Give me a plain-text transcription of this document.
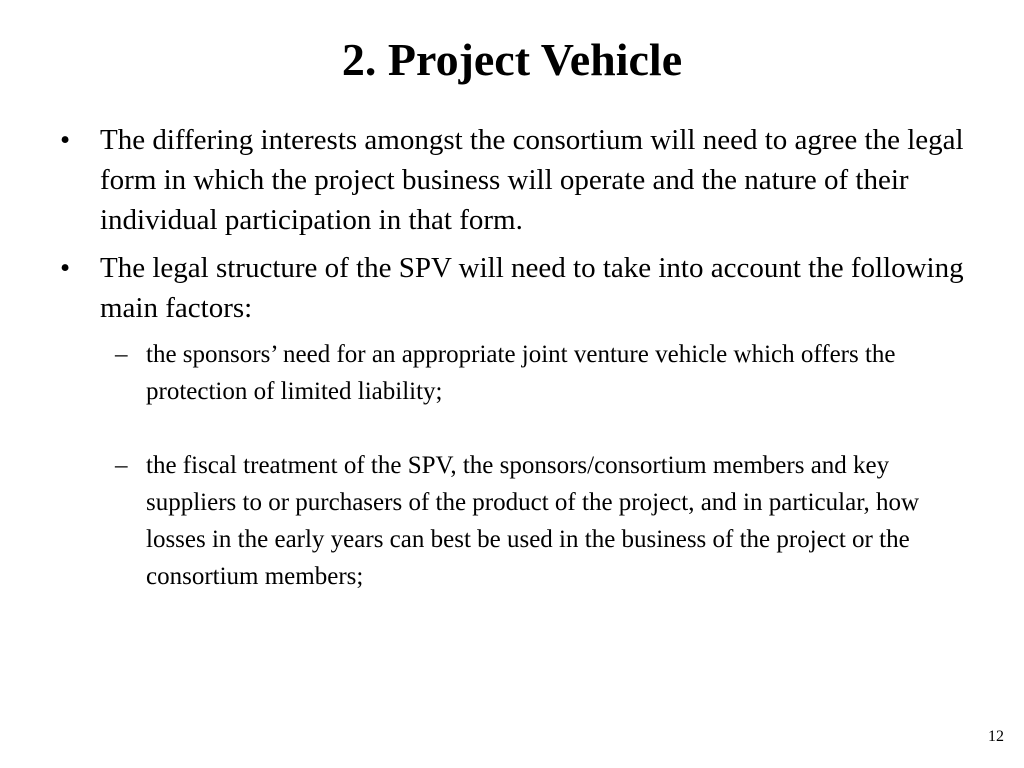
2. Project Vehicle
•	The differing interests amongst the consortium will need to agree the legal form in which the project business will operate and the nature of their individual participation in that form.
•	The legal structure of the SPV will need to take into account the following main factors:
– the sponsors’ need for an appropriate joint venture vehicle which offers the protection of limited liability;
– the fiscal treatment of the SPV, the sponsors/consortium members and key suppliers to or purchasers of the product of the project, and in particular, how losses in the early years can best be used in the business of the project or the consortium members;
12
